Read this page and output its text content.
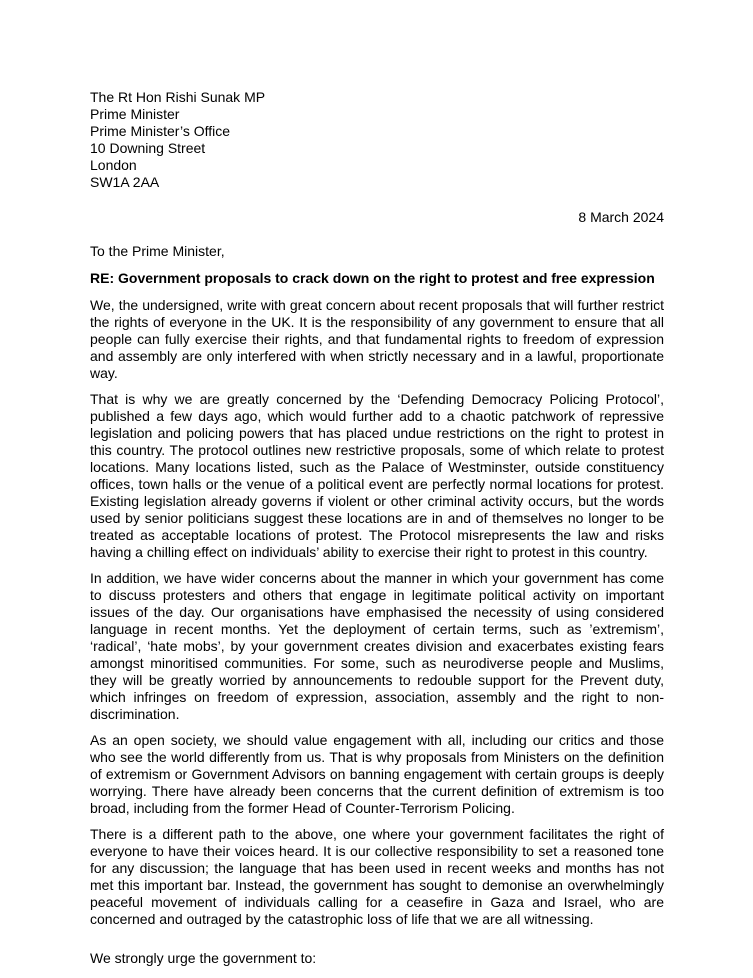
The Rt Hon Rishi Sunak MP
Prime Minister
Prime Minister’s Office
10 Downing Street
London
SW1A 2AA
8 March 2024
To the Prime Minister,
RE: Government proposals to crack down on the right to protest and free expression

We, the undersigned, write with great concern about recent proposals that will further restrict the rights of everyone in the UK. It is the responsibility of any government to ensure that all people can fully exercise their rights, and that fundamental rights to freedom of expression and assembly are only interfered with when strictly necessary and in a lawful, proportionate way.

That is why we are greatly concerned by the ‘Defending Democracy Policing Protocol’, published a few days ago, which would further add to a chaotic patchwork of repressive legislation and policing powers that has placed undue restrictions on the right to protest in this country. The protocol outlines new restrictive proposals, some of which relate to protest locations. Many locations listed, such as the Palace of Westminster, outside constituency offices, town halls or the venue of a political event are perfectly normal locations for protest. Existing legislation already governs if violent or other criminal activity occurs, but the words used by senior politicians suggest these locations are in and of themselves no longer to be treated as acceptable locations of protest. The Protocol misrepresents the law and risks having a chilling effect on individuals’ ability to exercise their right to protest in this country.

In addition, we have wider concerns about the manner in which your government has come to discuss protesters and others that engage in legitimate political activity on important issues of the day. Our organisations have emphasised the necessity of using considered language in recent months. Yet the deployment of certain terms, such as ’extremism’, ‘radical’, ‘hate mobs’, by your government creates division and exacerbates existing fears amongst minoritised communities. For some, such as neurodiverse people and Muslims, they will be greatly worried by announcements to redouble support for the Prevent duty, which infringes on freedom of expression, association, assembly and the right to non-discrimination.

As an open society, we should value engagement with all, including our critics and those who see the world differently from us. That is why proposals from Ministers on the definition of extremism or Government Advisors on banning engagement with certain groups is deeply worrying. There have already been concerns that the current definition of extremism is too broad, including from the former Head of Counter-Terrorism Policing.

There is a different path to the above, one where your government facilitates the right of everyone to have their voices heard. It is our collective responsibility to set a reasoned tone for any discussion; the language that has been used in recent weeks and months has not met this important bar. Instead, the government has sought to demonise an overwhelmingly peaceful movement of individuals calling for a ceasefire in Gaza and Israel, who are concerned and outraged by the catastrophic loss of life that we are all witnessing.

We strongly urge the government to:
